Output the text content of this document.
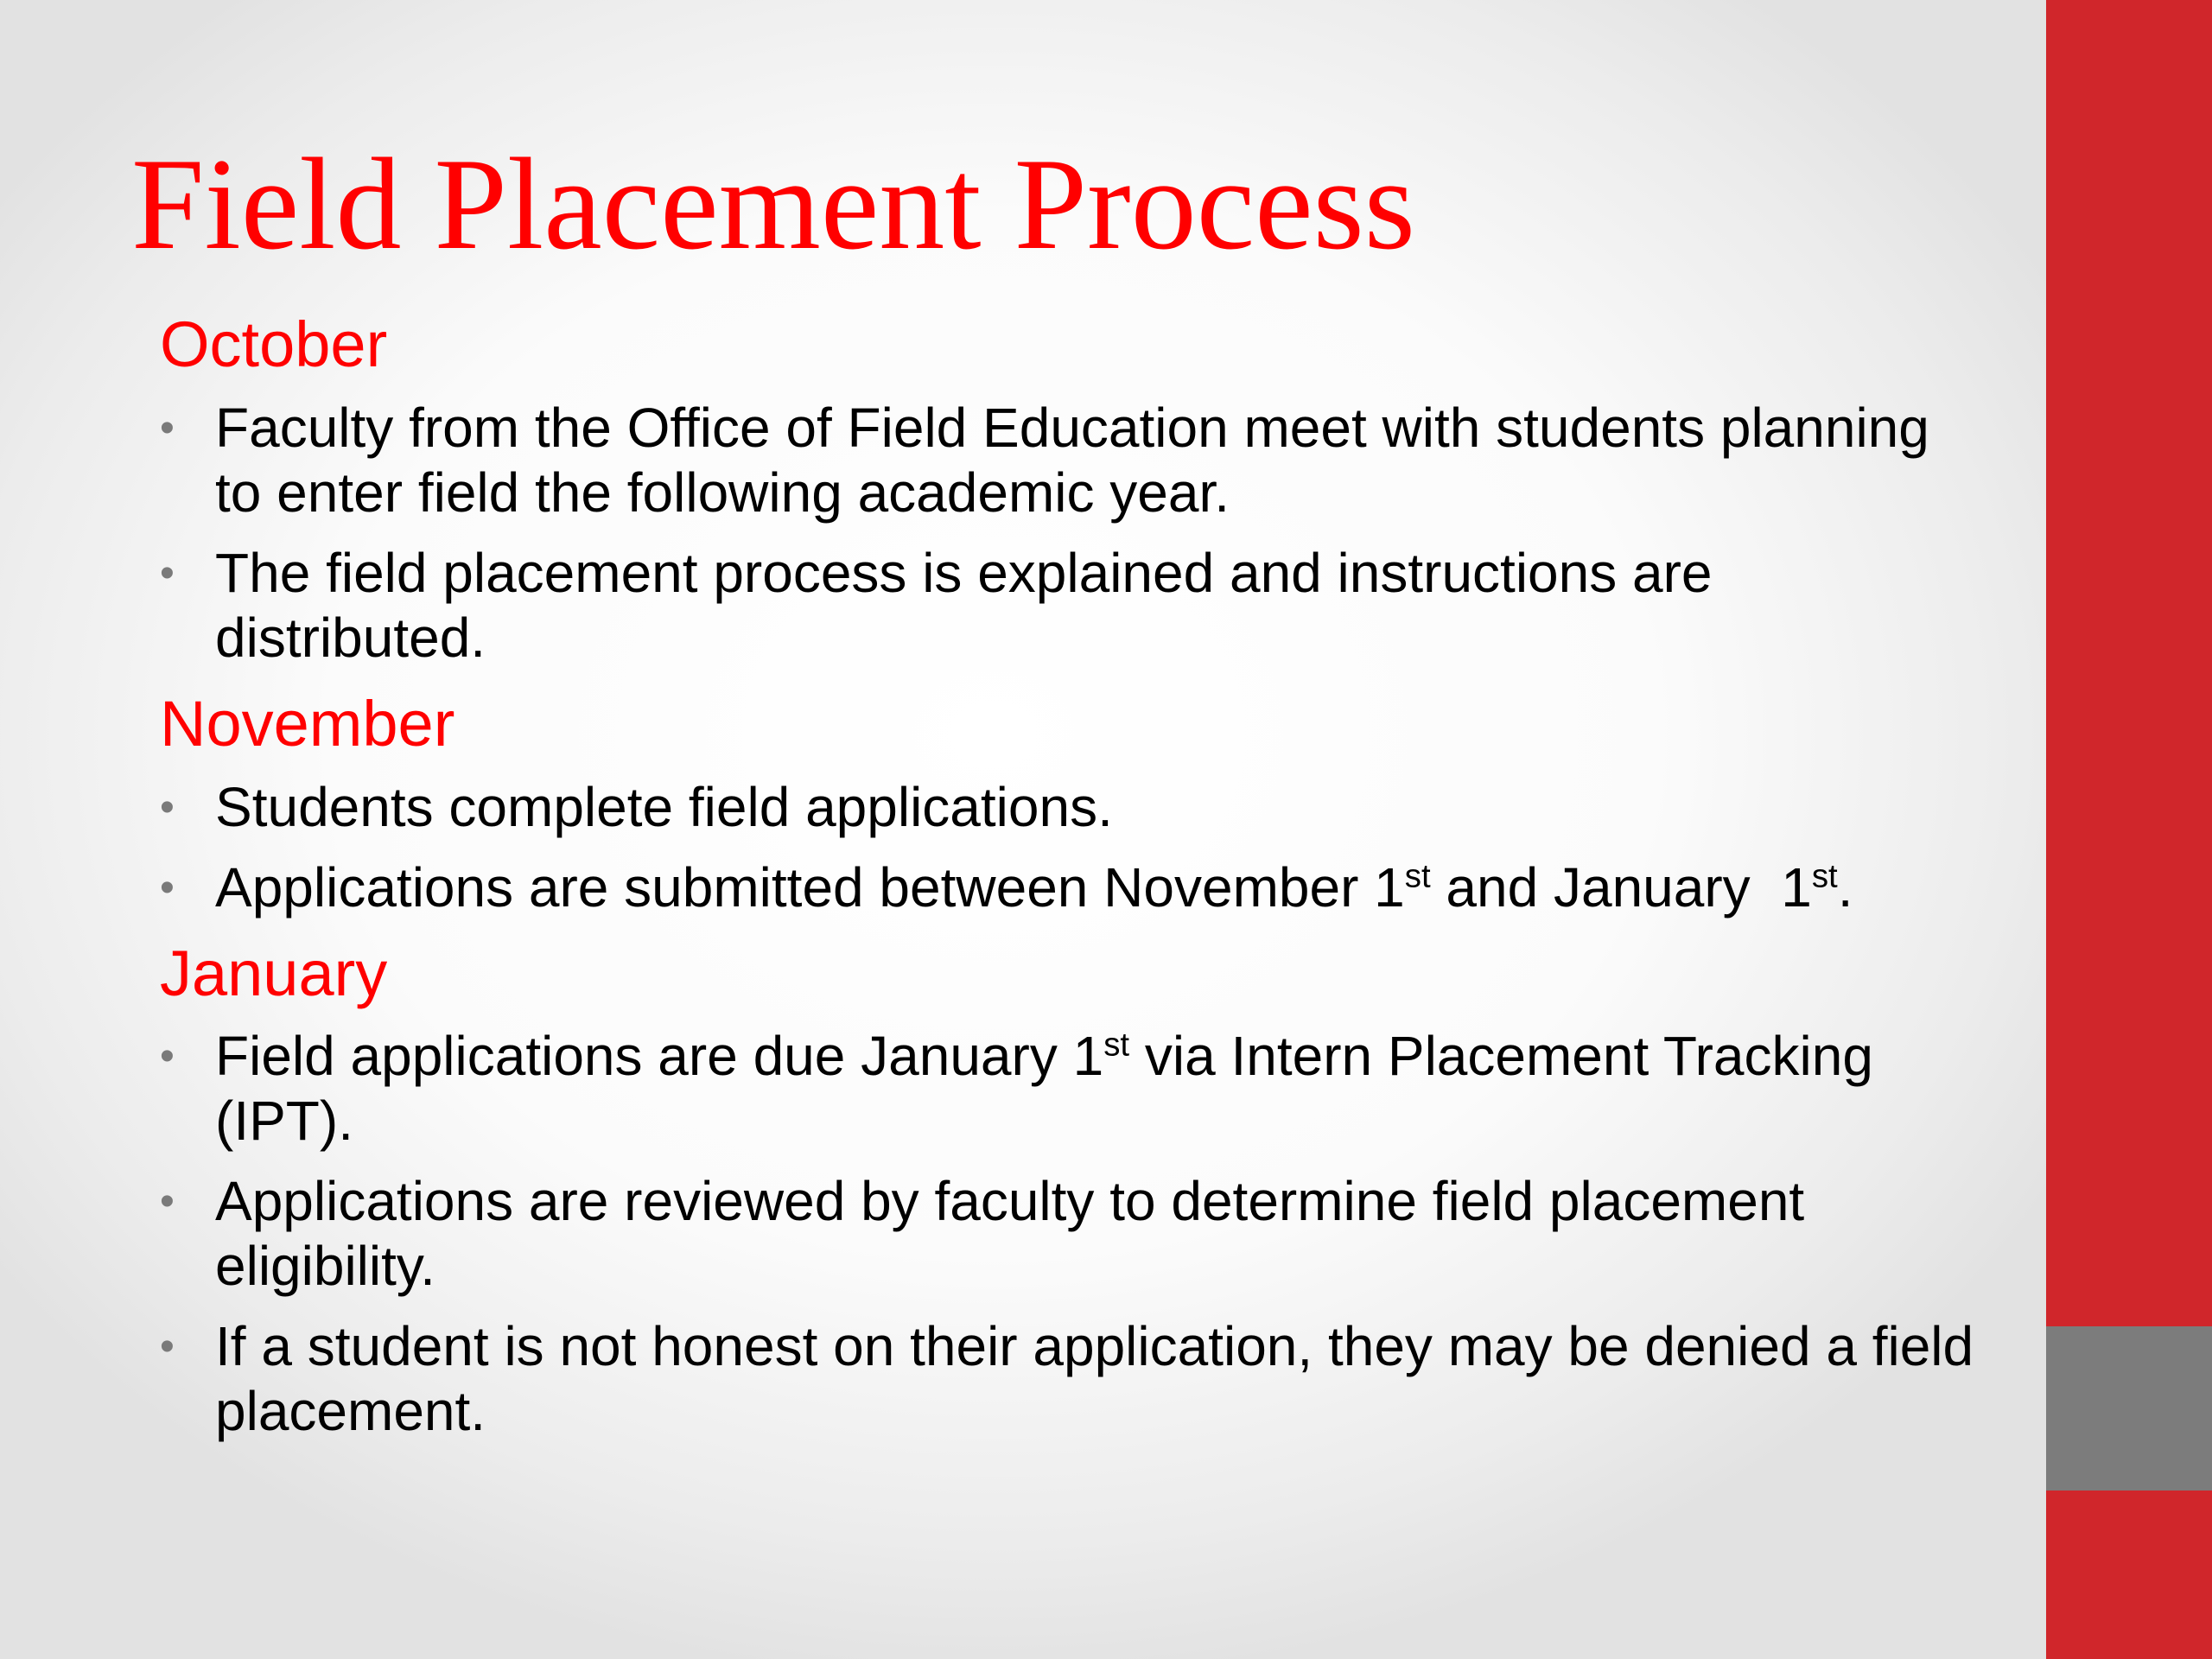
Field Placement Process
October
• Faculty from the Office of Field Education meet with students planning to enter field the following academic year.
• The field placement process is explained and instructions are distributed.
November
• Students complete field applications.
• Applications are submitted between November 1st and January  1st.
January
• Field applications are due January 1st via Intern Placement Tracking (IPT).
• Applications are reviewed by faculty to determine field placement eligibility.
• If a student is not honest on their application, they may be denied a field placement.
